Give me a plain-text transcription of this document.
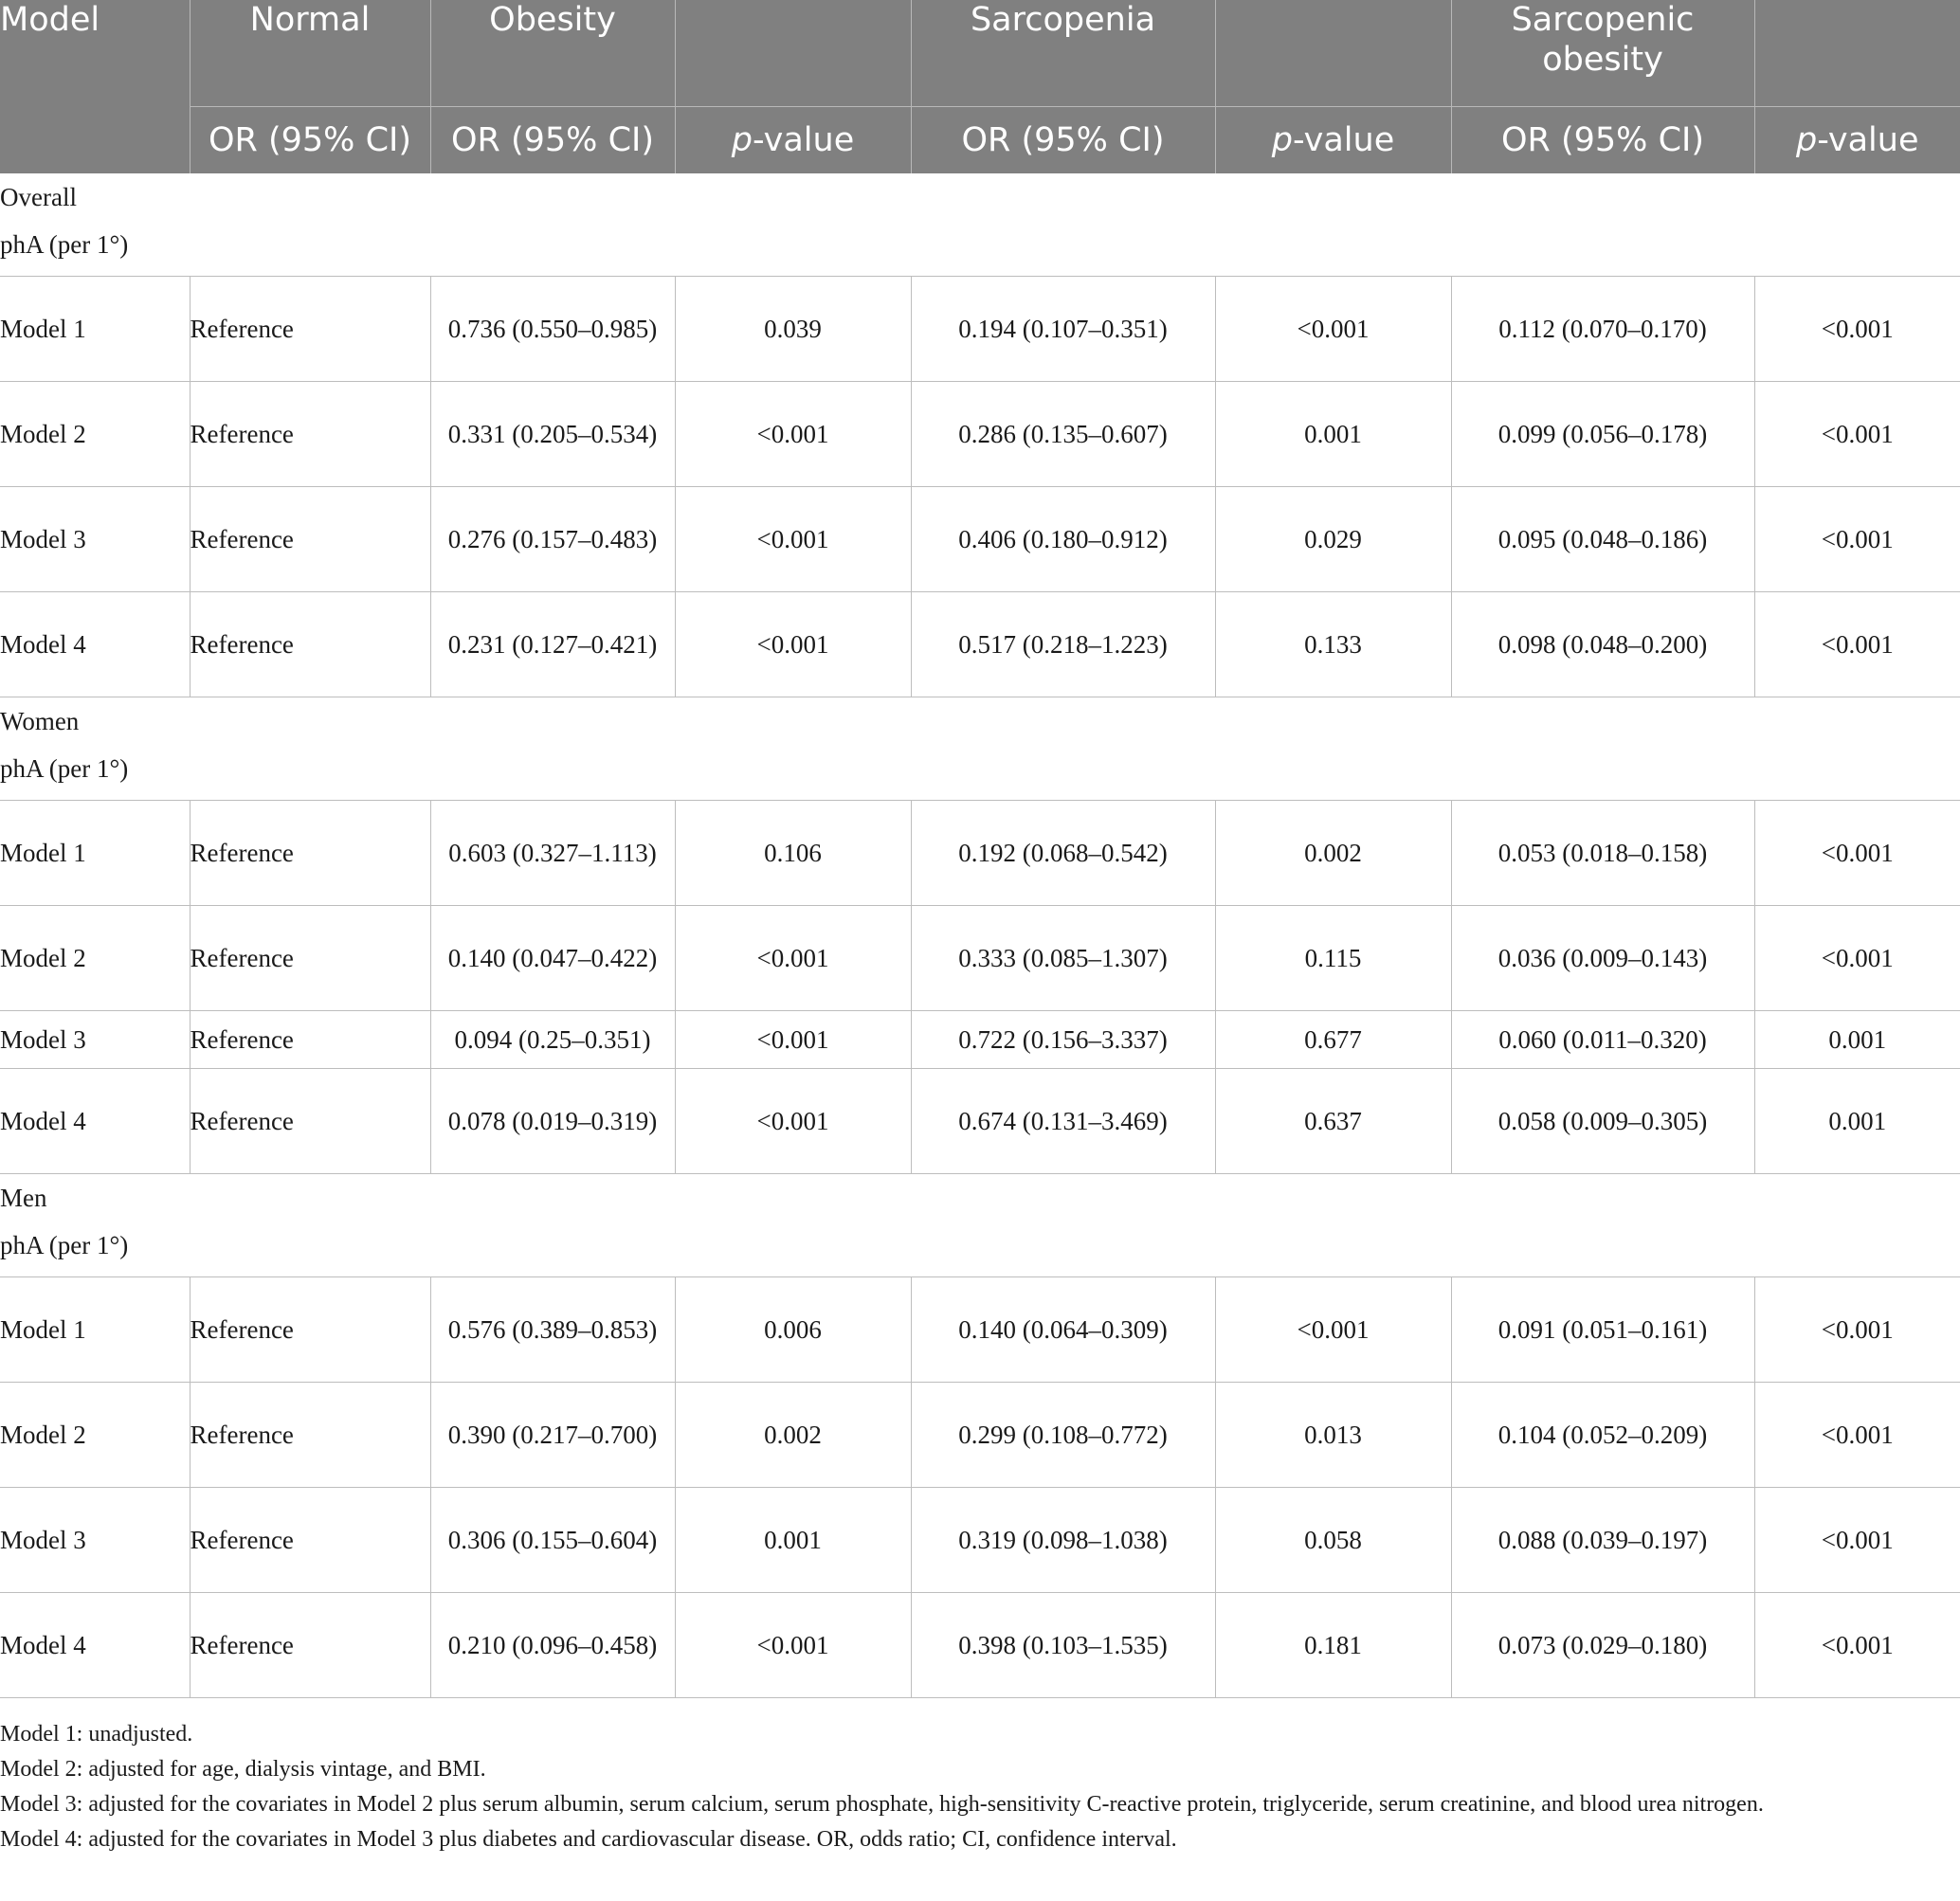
Model	Normal	Obesity		Sarcopenia		Sarcopenic obesity	
	OR (95% CI)	OR (95% CI)	p-value	OR (95% CI)	p-value	OR (95% CI)	p-value

Overall
phA (per 1°)							

Model 1	Reference	0.736 (0.550–0.985)	0.039	0.194 (0.107–0.351)	<0.001	0.112 (0.070–0.170)	<0.001
Model 2	Reference	0.331 (0.205–0.534)	<0.001	0.286 (0.135–0.607)	0.001	0.099 (0.056–0.178)	<0.001
Model 3	Reference	0.276 (0.157–0.483)	<0.001	0.406 (0.180–0.912)	0.029	0.095 (0.048–0.186)	<0.001
Model 4	Reference	0.231 (0.127–0.421)	<0.001	0.517 (0.218–1.223)	0.133	0.098 (0.048–0.200)	<0.001

Women
phA (per 1°)							

Model 1	Reference	0.603 (0.327–1.113)	0.106	0.192 (0.068–0.542)	0.002	0.053 (0.018–0.158)	<0.001
Model 2	Reference	0.140 (0.047–0.422)	<0.001	0.333 (0.085–1.307)	0.115	0.036 (0.009–0.143)	<0.001
Model 3	Reference	0.094 (0.25–0.351)	<0.001	0.722 (0.156–3.337)	0.677	0.060 (0.011–0.320)	0.001
Model 4	Reference	0.078 (0.019–0.319)	<0.001	0.674 (0.131–3.469)	0.637	0.058 (0.009–0.305)	0.001

Men
phA (per 1°)							

Model 1	Reference	0.576 (0.389–0.853)	0.006	0.140 (0.064–0.309)	<0.001	0.091 (0.051–0.161)	<0.001
Model 2	Reference	0.390 (0.217–0.700)	0.002	0.299 (0.108–0.772)	0.013	0.104 (0.052–0.209)	<0.001
Model 3	Reference	0.306 (0.155–0.604)	0.001	0.319 (0.098–1.038)	0.058	0.088 (0.039–0.197)	<0.001
Model 4	Reference	0.210 (0.096–0.458)	<0.001	0.398 (0.103–1.535)	0.181	0.073 (0.029–0.180)	<0.001

Model 1: unadjusted.

Model 2: adjusted for age, dialysis vintage, and BMI.

Model 3: adjusted for the covariates in Model 2 plus serum albumin, serum calcium, serum phosphate, high-sensitivity C-reactive protein, triglyceride, serum creatinine, and blood urea nitrogen.

Model 4: adjusted for the covariates in Model 3 plus diabetes and cardiovascular disease. OR, odds ratio; CI, confidence interval.
